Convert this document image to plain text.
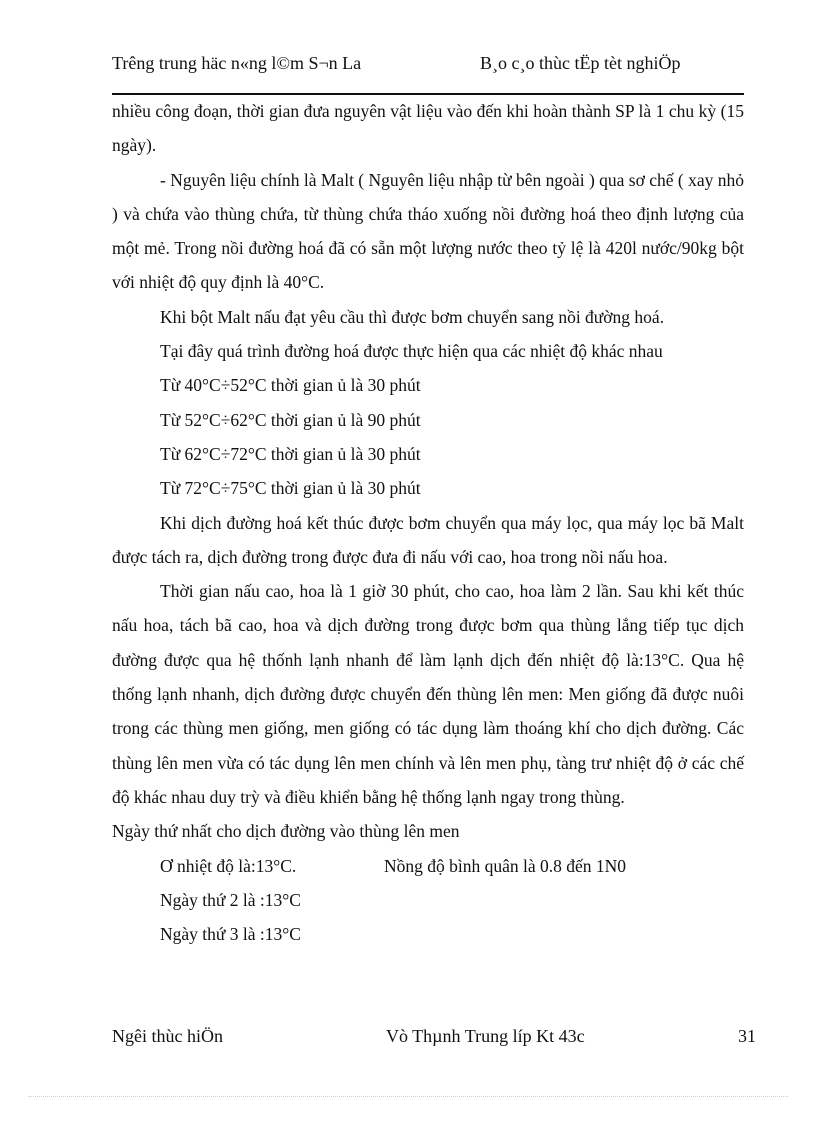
Trêng trung häc n«ng l©m S¬n La	B¸o c¸o thùc tËp tèt nghiÖp

nhiều công đoạn, thời gian đưa nguyên vật liệu vào đến khi hoàn thành SP là 1 chu kỳ (15 ngày).

- Nguyên liệu chính là Malt ( Nguyên liệu nhập từ bên ngoài ) qua sơ chế ( xay nhỏ ) và chứa vào thùng chứa, từ thùng chứa tháo xuống nồi đường hoá theo định lượng của một mẻ. Trong nồi đường hoá đã có sẵn một lượng nước theo tỷ lệ là 420l nước/90kg bột với nhiệt độ quy định là 40°C.

Khi bột Malt nấu đạt yêu cầu thì được bơm chuyển sang nồi đường hoá.

Tại đây quá trình đường hoá được thực hiện qua các nhiệt độ khác nhau

Từ 40°C÷52°C thời gian ủ là 30 phút

Từ 52°C÷62°C thời gian ủ là 90 phút

Từ 62°C÷72°C thời gian ủ là 30 phút

Từ 72°C÷75°C thời gian ủ là 30 phút

Khi dịch đường hoá kết thúc được bơm chuyển qua máy lọc, qua máy lọc bã Malt được tách ra, dịch đường trong được đưa đi nấu với cao, hoa trong nồi nấu hoa.

Thời gian nấu cao, hoa là 1 giờ 30 phút, cho cao, hoa làm 2 lần. Sau khi kết thúc nấu hoa, tách bã cao, hoa và dịch đường trong được bơm qua thùng lắng tiếp tục dịch đường được qua hệ thốnh lạnh nhanh để làm lạnh dịch đến nhiệt độ là:13°C. Qua hệ thống lạnh nhanh, dịch đường được chuyển đến thùng lên men: Men giống đã được nuôi trong các thùng men giống, men giống có tác dụng làm thoáng khí cho dịch đường. Các thùng lên men vừa có tác dụng lên men chính và lên men phụ, tàng trư nhiệt độ ở các chế độ khác nhau duy trỳ và điều khiển bằng hệ thống lạnh ngay trong thùng.

Ngày thứ nhất cho dịch đường vào thùng lên men

Ơ nhiệt độ là:13°C.	Nồng độ bình quân là 0.8 đến 1N0

Ngày thứ 2 là :13°C

Ngày thứ 3 là :13°C

Ngêi thùc hiÖn	Vò Thµnh Trung líp Kt 43c	31
